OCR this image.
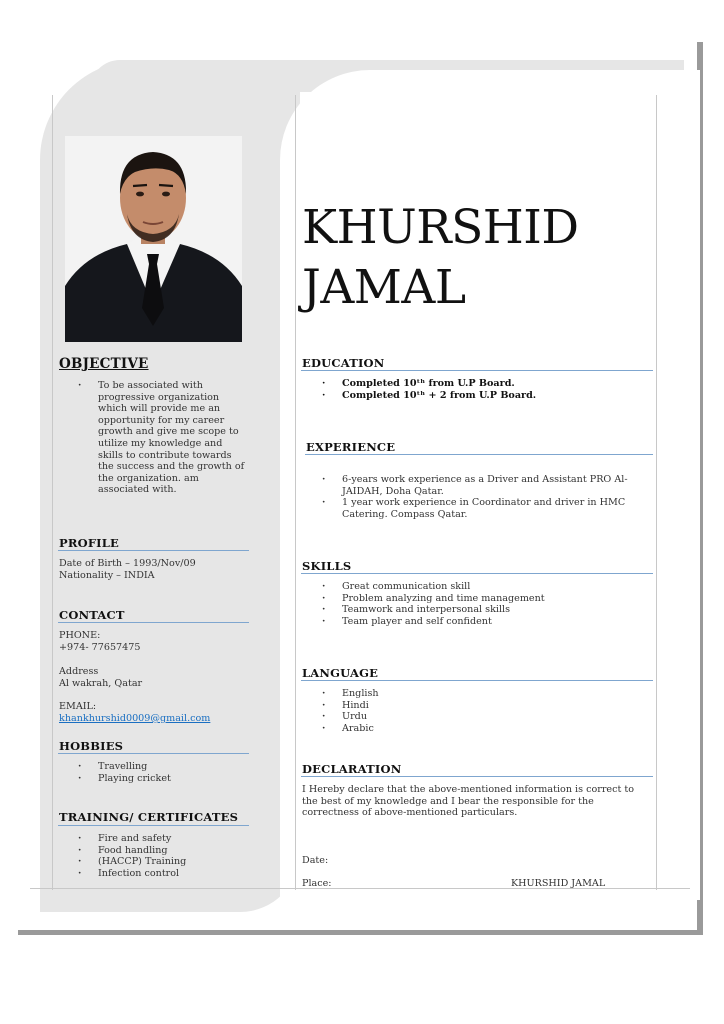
KHURSHID
JAMAL
OBJECTIVE
· To be associated with progressive organization which will provide me an opportunity for my career growth and give me scope to utilize my knowledge and skills to contribute towards the success and the growth of the organization. am associated with.
PROFILE
Date of Birth – 1993/Nov/09
Nationality – INDIA
CONTACT
PHONE:
+974- 77657475
Address
Al wakrah, Qatar
EMAIL:
khankhurshid0009@gmail.com
HOBBIES
· Travelling
· Playing cricket
TRAINING/ CERTIFICATES
· Fire and safety
· Food handling
· (HACCP) Training
· Infection control
EDUCATION
· Completed 10ᵗʰ from U.P Board.
· Completed 10ᵗʰ + 2 from U.P Board.
EXPERIENCE
· 6-years work experience as a Driver and Assistant PRO Al-JAIDAH, Doha Qatar.
· 1 year work experience in Coordinator and driver in HMC Catering. Compass Qatar.
SKILLS
· Great communication skill
· Problem analyzing and time management
· Teamwork and interpersonal skills
· Team player and self confident
LANGUAGE
· English
· Hindi
· Urdu
· Arabic
DECLARATION
I Hereby declare that the above-mentioned information is correct to the best of my knowledge and I bear the responsible for the correctness of above-mentioned particulars.
Date:
Place:	KHURSHID JAMAL
